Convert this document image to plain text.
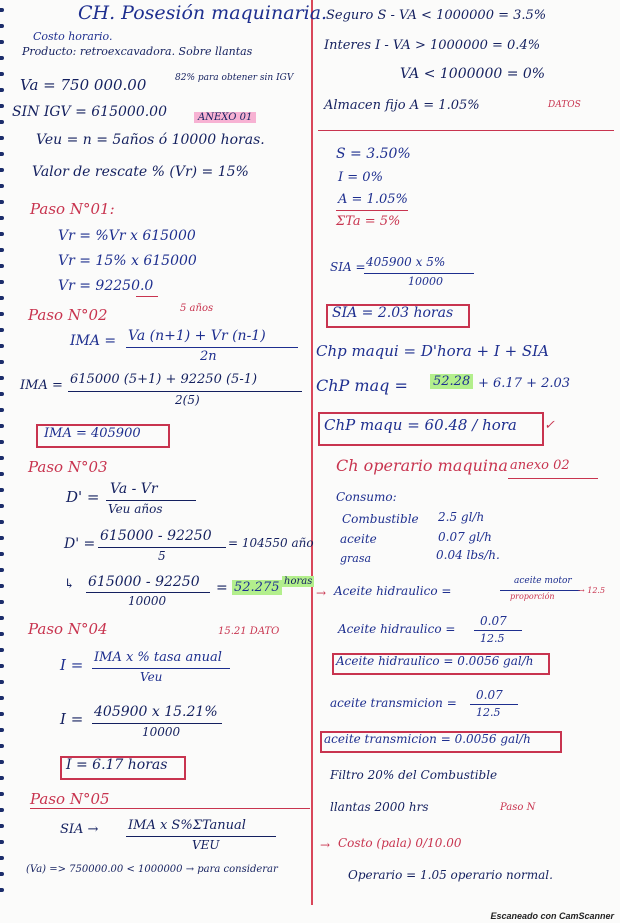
CH. Posesión maquinaria.
Costo horario.
Producto: retroexcavadora. Sobre llantas
Va = 750 000.00	82% para obtener sin IGV
SIN IGV = 615000.00	ANEXO 01
Veu = n = 5años ó 10000 horas.
Valor de rescate % (Vr) = 15%
Paso N°01:
Vr = %Vr x 615000
Vr = 15% x 615000
Vr = 92250.0
Paso N°02	5 años
IMA = Va (n+1) + Vr (n-1)
2n
IMA = 615000 (5+1) + 92250 (5-1)
2(5)
IMA = 405900
Paso N°03
D' = Va - Vr
Veu años
D' = 615000 - 92250
5
= 104550 año
↳ 615000 - 92250
10000
= 52.275 horas
Paso N°04	15.21 DATO
I = IMA x % tasa anual
Veu
I = 405900 x 15.21%
10000
I = 6.17 horas
Paso N°05
SIA → IMA x S%ΣTanual
VEU
(Va) => 750000.00 < 1000000 → para considerar
Seguro S - VA < 1000000 = 3.5%
Interes I - VA > 1000000 = 0.4%
VA < 1000000 = 0%
Almacen fijo A = 1.05%	DATOS
S = 3.50%
I = 0%
A = 1.05%
ΣTa = 5%
SIA = 405900 x 5%
10000
SIA = 2.03 horas
Chp maqui = D'hora + I + SIA
ChP maq = 52.28 + 6.17 + 2.03
ChP maqu = 60.48 / hora ✓
Ch operario maquina anexo 02
Consumo:
Combustible 2.5 gl/h
aceite	0.07 gl/h
grasa	0.04 lbs/h.
→ Aceite hidraulico =
aceite motor
proporción
→ 12.5
Aceite hidraulico =
0.07
12.5
Aceite hidraulico = 0.0056 gal/h
aceite transmicion =
0.07
12.5
aceite transmicion = 0.0056 gal/h
Filtro 20% del Combustible
llantas 2000 hrs	Paso N
→ Costo (pala) 0/10.00
Operario = 1.05 operario normal.
Escaneado con CamScanner
